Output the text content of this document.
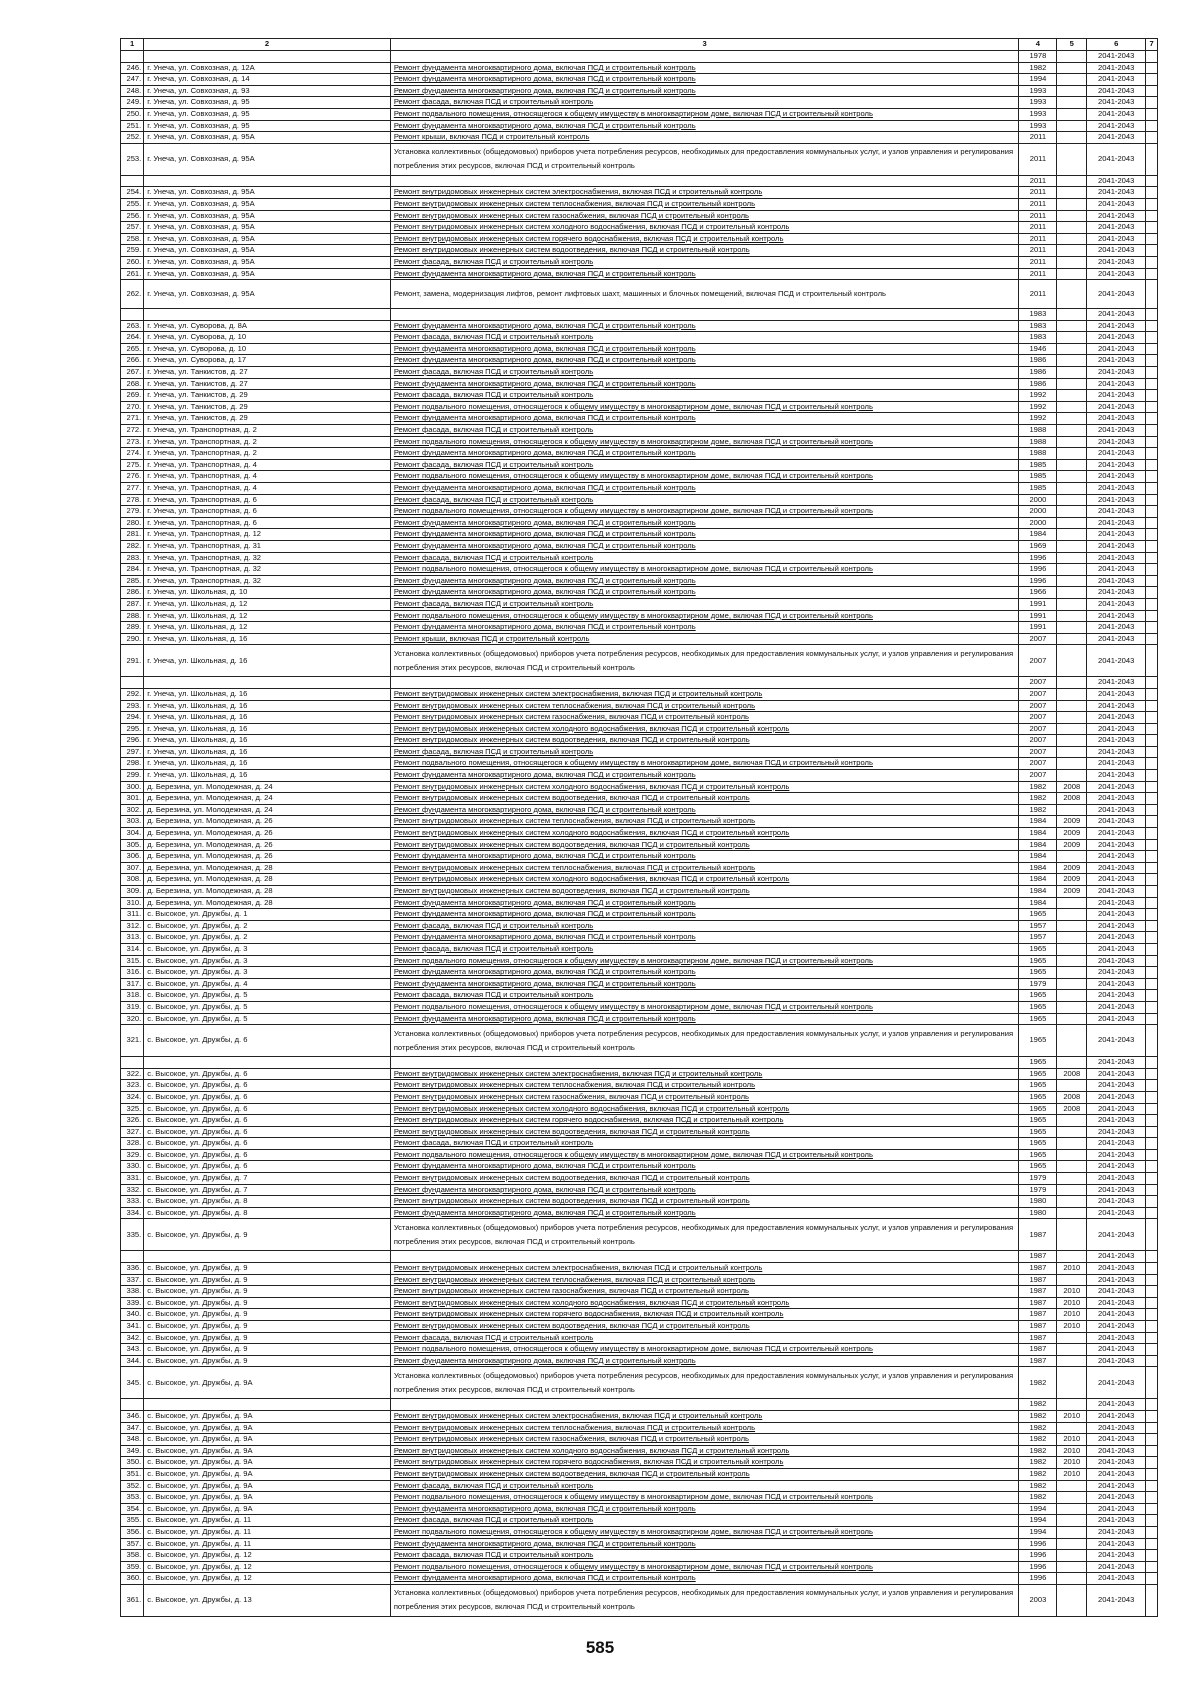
1	2	3	4	5	6	7
			1978		2041-2043	
246.	г. Унеча, ул. Совхозная, д. 12А	Ремонт фундамента многоквартирного дома, включая ПСД и строительный контроль	1982		2041-2043	
247.	г. Унеча, ул. Совхозная, д. 14	Ремонт фундамента многоквартирного дома, включая ПСД и строительный контроль	1994		2041-2043	
248.	г. Унеча, ул. Совхозная, д. 93	Ремонт фундамента многоквартирного дома, включая ПСД и строительный контроль	1993		2041-2043	
249.	г. Унеча, ул. Совхозная, д. 95	Ремонт фасада, включая ПСД и строительный контроль	1993		2041-2043	
250.	г. Унеча, ул. Совхозная, д. 95	Ремонт подвального помещения, относящегося к общему имуществу в многоквартирном доме, включая ПСД и строительный контроль	1993		2041-2043	
251.	г. Унеча, ул. Совхозная, д. 95	Ремонт фундамента многоквартирного дома, включая ПСД и строительный контроль	1993		2041-2043	
252.	г. Унеча, ул. Совхозная, д. 95А	Ремонт крыши, включая ПСД и строительный контроль	2011		2041-2043	
253.	г. Унеча, ул. Совхозная, д. 95А	Установка коллективных (общедомовых) приборов учета потребления ресурсов, необходимых для предоставления коммунальных услуг, и узлов управления и регулирования потребления этих ресурсов, включая ПСД и строительный контроль	2011		2041-2043	
			2011		2041-2043	
254.	г. Унеча, ул. Совхозная, д. 95А	Ремонт внутридомовых инженерных систем электроснабжения, включая ПСД и строительный контроль	2011		2041-2043	
255.	г. Унеча, ул. Совхозная, д. 95А	Ремонт внутридомовых инженерных систем теплоснабжения, включая ПСД и строительный контроль	2011		2041-2043	
256.	г. Унеча, ул. Совхозная, д. 95А	Ремонт внутридомовых инженерных систем газоснабжения, включая ПСД и строительный контроль	2011		2041-2043	
257.	г. Унеча, ул. Совхозная, д. 95А	Ремонт внутридомовых инженерных систем холодного водоснабжения, включая ПСД и строительный контроль	2011		2041-2043	
258.	г. Унеча, ул. Совхозная, д. 95А	Ремонт внутридомовых инженерных систем горячего водоснабжения, включая ПСД и строительный контроль	2011		2041-2043	
259.	г. Унеча, ул. Совхозная, д. 95А	Ремонт внутридомовых инженерных систем водоотведения, включая ПСД и строительный контроль	2011		2041-2043	
260.	г. Унеча, ул. Совхозная, д. 95А	Ремонт фасада, включая ПСД и строительный контроль	2011		2041-2043	
261.	г. Унеча, ул. Совхозная, д. 95А	Ремонт фундамента многоквартирного дома, включая ПСД и строительный контроль	2011		2041-2043	
262.	г. Унеча, ул. Совхозная, д. 95А	Ремонт, замена, модернизация лифтов, ремонт лифтовых шахт, машинных и блочных помещений, включая ПСД и строительный контроль	2011		2041-2043	
			1983		2041-2043	
263.	г. Унеча, ул. Суворова, д. 8А	Ремонт фундамента многоквартирного дома, включая ПСД и строительный контроль	1983		2041-2043	
264.	г. Унеча, ул. Суворова, д. 10	Ремонт фасада, включая ПСД и строительный контроль	1983		2041-2043	
265.	г. Унеча, ул. Суворова, д. 10	Ремонт фундамента многоквартирного дома, включая ПСД и строительный контроль	1946		2041-2043	
266.	г. Унеча, ул. Суворова, д. 17	Ремонт фундамента многоквартирного дома, включая ПСД и строительный контроль	1986		2041-2043	
267.	г. Унеча, ул. Танкистов, д. 27	Ремонт фасада, включая ПСД и строительный контроль	1986		2041-2043	
268.	г. Унеча, ул. Танкистов, д. 27	Ремонт фундамента многоквартирного дома, включая ПСД и строительный контроль	1986		2041-2043	
269.	г. Унеча, ул. Танкистов, д. 29	Ремонт фасада, включая ПСД и строительный контроль	1992		2041-2043	
270.	г. Унеча, ул. Танкистов, д. 29	Ремонт подвального помещения, относящегося к общему имуществу в многоквартирном доме, включая ПСД и строительный контроль	1992		2041-2043	
271.	г. Унеча, ул. Танкистов, д. 29	Ремонт фундамента многоквартирного дома, включая ПСД и строительный контроль	1992		2041-2043	
272.	г. Унеча, ул. Транспортная, д. 2	Ремонт фасада, включая ПСД и строительный контроль	1988		2041-2043	
273.	г. Унеча, ул. Транспортная, д. 2	Ремонт подвального помещения, относящегося к общему имуществу в многоквартирном доме, включая ПСД и строительный контроль	1988		2041-2043	
274.	г. Унеча, ул. Транспортная, д. 2	Ремонт фундамента многоквартирного дома, включая ПСД и строительный контроль	1988		2041-2043	
275.	г. Унеча, ул. Транспортная, д. 4	Ремонт фасада, включая ПСД и строительный контроль	1985		2041-2043	
276.	г. Унеча, ул. Транспортная, д. 4	Ремонт подвального помещения, относящегося к общему имуществу в многоквартирном доме, включая ПСД и строительный контроль	1985		2041-2043	
277.	г. Унеча, ул. Транспортная, д. 4	Ремонт фундамента многоквартирного дома, включая ПСД и строительный контроль	1985		2041-2043	
278.	г. Унеча, ул. Транспортная, д. 6	Ремонт фасада, включая ПСД и строительный контроль	2000		2041-2043	
279.	г. Унеча, ул. Транспортная, д. 6	Ремонт подвального помещения, относящегося к общему имуществу в многоквартирном доме, включая ПСД и строительный контроль	2000		2041-2043	
280.	г. Унеча, ул. Транспортная, д. 6	Ремонт фундамента многоквартирного дома, включая ПСД и строительный контроль	2000		2041-2043	
281.	г. Унеча, ул. Транспортная, д. 12	Ремонт фундамента многоквартирного дома, включая ПСД и строительный контроль	1984		2041-2043	
282.	г. Унеча, ул. Транспортная, д. 31	Ремонт фундамента многоквартирного дома, включая ПСД и строительный контроль	1969		2041-2043	
283.	г. Унеча, ул. Транспортная, д. 32	Ремонт фасада, включая ПСД и строительный контроль	1996		2041-2043	
284.	г. Унеча, ул. Транспортная, д. 32	Ремонт подвального помещения, относящегося к общему имуществу в многоквартирном доме, включая ПСД и строительный контроль	1996		2041-2043	
285.	г. Унеча, ул. Транспортная, д. 32	Ремонт фундамента многоквартирного дома, включая ПСД и строительный контроль	1996		2041-2043	
286.	г. Унеча, ул. Школьная, д. 10	Ремонт фундамента многоквартирного дома, включая ПСД и строительный контроль	1966		2041-2043	
287.	г. Унеча, ул. Школьная, д. 12	Ремонт фасада, включая ПСД и строительный контроль	1991		2041-2043	
288.	г. Унеча, ул. Школьная, д. 12	Ремонт подвального помещения, относящегося к общему имуществу в многоквартирном доме, включая ПСД и строительный контроль	1991		2041-2043	
289.	г. Унеча, ул. Школьная, д. 12	Ремонт фундамента многоквартирного дома, включая ПСД и строительный контроль	1991		2041-2043	
290.	г. Унеча, ул. Школьная, д. 16	Ремонт крыши, включая ПСД и строительный контроль	2007		2041-2043	
291.	г. Унеча, ул. Школьная, д. 16	Установка коллективных (общедомовых) приборов учета потребления ресурсов, необходимых для предоставления коммунальных услуг, и узлов управления и регулирования потребления этих ресурсов, включая ПСД и строительный контроль	2007		2041-2043	
			2007		2041-2043	
292.	г. Унеча, ул. Школьная, д. 16	Ремонт внутридомовых инженерных систем электроснабжения, включая ПСД и строительный контроль	2007		2041-2043	
293.	г. Унеча, ул. Школьная, д. 16	Ремонт внутридомовых инженерных систем теплоснабжения, включая ПСД и строительный контроль	2007		2041-2043	
294.	г. Унеча, ул. Школьная, д. 16	Ремонт внутридомовых инженерных систем газоснабжения, включая ПСД и строительный контроль	2007		2041-2043	
295.	г. Унеча, ул. Школьная, д. 16	Ремонт внутридомовых инженерных систем холодного водоснабжения, включая ПСД и строительный контроль	2007		2041-2043	
296.	г. Унеча, ул. Школьная, д. 16	Ремонт внутридомовых инженерных систем водоотведения, включая ПСД и строительный контроль	2007		2041-2043	
297.	г. Унеча, ул. Школьная, д. 16	Ремонт фасада, включая ПСД и строительный контроль	2007		2041-2043	
298.	г. Унеча, ул. Школьная, д. 16	Ремонт подвального помещения, относящегося к общему имуществу в многоквартирном доме, включая ПСД и строительный контроль	2007		2041-2043	
299.	г. Унеча, ул. Школьная, д. 16	Ремонт фундамента многоквартирного дома, включая ПСД и строительный контроль	2007		2041-2043	
300.	д. Березина, ул. Молодежная, д. 24	Ремонт внутридомовых инженерных систем холодного водоснабжения, включая ПСД и строительный контроль	1982	2008	2041-2043	
301.	д. Березина, ул. Молодежная, д. 24	Ремонт внутридомовых инженерных систем водоотведения, включая ПСД и строительный контроль	1982	2008	2041-2043	
302.	д. Березина, ул. Молодежная, д. 24	Ремонт фундамента многоквартирного дома, включая ПСД и строительный контроль	1982		2041-2043	
303.	д. Березина, ул. Молодежная, д. 26	Ремонт внутридомовых инженерных систем теплоснабжения, включая ПСД и строительный контроль	1984	2009	2041-2043	
304.	д. Березина, ул. Молодежная, д. 26	Ремонт внутридомовых инженерных систем холодного водоснабжения, включая ПСД и строительный контроль	1984	2009	2041-2043	
305.	д. Березина, ул. Молодежная, д. 26	Ремонт внутридомовых инженерных систем водоотведения, включая ПСД и строительный контроль	1984	2009	2041-2043	
306.	д. Березина, ул. Молодежная, д. 26	Ремонт фундамента многоквартирного дома, включая ПСД и строительный контроль	1984		2041-2043	
307.	д. Березина, ул. Молодежная, д. 28	Ремонт внутридомовых инженерных систем теплоснабжения, включая ПСД и строительный контроль	1984	2009	2041-2043	
308.	д. Березина, ул. Молодежная, д. 28	Ремонт внутридомовых инженерных систем холодного водоснабжения, включая ПСД и строительный контроль	1984	2009	2041-2043	
309.	д. Березина, ул. Молодежная, д. 28	Ремонт внутридомовых инженерных систем водоотведения, включая ПСД и строительный контроль	1984	2009	2041-2043	
310.	д. Березина, ул. Молодежная, д. 28	Ремонт фундамента многоквартирного дома, включая ПСД и строительный контроль	1984		2041-2043	
311.	с. Высокое, ул. Дружбы, д. 1	Ремонт фундамента многоквартирного дома, включая ПСД и строительный контроль	1965		2041-2043	
312.	с. Высокое, ул. Дружбы, д. 2	Ремонт фасада, включая ПСД и строительный контроль	1957		2041-2043	
313.	с. Высокое, ул. Дружбы, д. 2	Ремонт фундамента многоквартирного дома, включая ПСД и строительный контроль	1957		2041-2043	
314.	с. Высокое, ул. Дружбы, д. 3	Ремонт фасада, включая ПСД и строительный контроль	1965		2041-2043	
315.	с. Высокое, ул. Дружбы, д. 3	Ремонт подвального помещения, относящегося к общему имуществу в многоквартирном доме, включая ПСД и строительный контроль	1965		2041-2043	
316.	с. Высокое, ул. Дружбы, д. 3	Ремонт фундамента многоквартирного дома, включая ПСД и строительный контроль	1965		2041-2043	
317.	с. Высокое, ул. Дружбы, д. 4	Ремонт фундамента многоквартирного дома, включая ПСД и строительный контроль	1979		2041-2043	
318.	с. Высокое, ул. Дружбы, д. 5	Ремонт фасада, включая ПСД и строительный контроль	1965		2041-2043	
319.	с. Высокое, ул. Дружбы, д. 5	Ремонт подвального помещения, относящегося к общему имуществу в многоквартирном доме, включая ПСД и строительный контроль	1965		2041-2043	
320.	с. Высокое, ул. Дружбы, д. 5	Ремонт фундамента многоквартирного дома, включая ПСД и строительный контроль	1965		2041-2043	
321.	с. Высокое, ул. Дружбы, д. 6	Установка коллективных (общедомовых) приборов учета потребления ресурсов, необходимых для предоставления коммунальных услуг, и узлов управления и регулирования потребления этих ресурсов, включая ПСД и строительный контроль	1965		2041-2043	
			1965		2041-2043	
322.	с. Высокое, ул. Дружбы, д. 6	Ремонт внутридомовых инженерных систем электроснабжения, включая ПСД и строительный контроль	1965	2008	2041-2043	
323.	с. Высокое, ул. Дружбы, д. 6	Ремонт внутридомовых инженерных систем теплоснабжения, включая ПСД и строительный контроль	1965		2041-2043	
324.	с. Высокое, ул. Дружбы, д. 6	Ремонт внутридомовых инженерных систем газоснабжения, включая ПСД и строительный контроль	1965	2008	2041-2043	
325.	с. Высокое, ул. Дружбы, д. 6	Ремонт внутридомовых инженерных систем холодного водоснабжения, включая ПСД и строительный контроль	1965	2008	2041-2043	
326.	с. Высокое, ул. Дружбы, д. 6	Ремонт внутридомовых инженерных систем горячего водоснабжения, включая ПСД и строительный контроль	1965		2041-2043	
327.	с. Высокое, ул. Дружбы, д. 6	Ремонт внутридомовых инженерных систем водоотведения, включая ПСД и строительный контроль	1965		2041-2043	
328.	с. Высокое, ул. Дружбы, д. 6	Ремонт фасада, включая ПСД и строительный контроль	1965		2041-2043	
329.	с. Высокое, ул. Дружбы, д. 6	Ремонт подвального помещения, относящегося к общему имуществу в многоквартирном доме, включая ПСД и строительный контроль	1965		2041-2043	
330.	с. Высокое, ул. Дружбы, д. 6	Ремонт фундамента многоквартирного дома, включая ПСД и строительный контроль	1965		2041-2043	
331.	с. Высокое, ул. Дружбы, д. 7	Ремонт внутридомовых инженерных систем водоотведения, включая ПСД и строительный контроль	1979		2041-2043	
332.	с. Высокое, ул. Дружбы, д. 7	Ремонт фундамента многоквартирного дома, включая ПСД и строительный контроль	1979		2041-2043	
333.	с. Высокое, ул. Дружбы, д. 8	Ремонт внутридомовых инженерных систем водоотведения, включая ПСД и строительный контроль	1980		2041-2043	
334.	с. Высокое, ул. Дружбы, д. 8	Ремонт фундамента многоквартирного дома, включая ПСД и строительный контроль	1980		2041-2043	
335.	с. Высокое, ул. Дружбы, д. 9	Установка коллективных (общедомовых) приборов учета потребления ресурсов, необходимых для предоставления коммунальных услуг, и узлов управления и регулирования потребления этих ресурсов, включая ПСД и строительный контроль	1987		2041-2043	
			1987		2041-2043	
336.	с. Высокое, ул. Дружбы, д. 9	Ремонт внутридомовых инженерных систем электроснабжения, включая ПСД и строительный контроль	1987	2010	2041-2043	
337.	с. Высокое, ул. Дружбы, д. 9	Ремонт внутридомовых инженерных систем теплоснабжения, включая ПСД и строительный контроль	1987		2041-2043	
338.	с. Высокое, ул. Дружбы, д. 9	Ремонт внутридомовых инженерных систем газоснабжения, включая ПСД и строительный контроль	1987	2010	2041-2043	
339.	с. Высокое, ул. Дружбы, д. 9	Ремонт внутридомовых инженерных систем холодного водоснабжения, включая ПСД и строительный контроль	1987	2010	2041-2043	
340.	с. Высокое, ул. Дружбы, д. 9	Ремонт внутридомовых инженерных систем горячего водоснабжения, включая ПСД и строительный контроль	1987	2010	2041-2043	
341.	с. Высокое, ул. Дружбы, д. 9	Ремонт внутридомовых инженерных систем водоотведения, включая ПСД и строительный контроль	1987	2010	2041-2043	
342.	с. Высокое, ул. Дружбы, д. 9	Ремонт фасада, включая ПСД и строительный контроль	1987		2041-2043	
343.	с. Высокое, ул. Дружбы, д. 9	Ремонт подвального помещения, относящегося к общему имуществу в многоквартирном доме, включая ПСД и строительный контроль	1987		2041-2043	
344.	с. Высокое, ул. Дружбы, д. 9	Ремонт фундамента многоквартирного дома, включая ПСД и строительный контроль	1987		2041-2043	
345.	с. Высокое, ул. Дружбы, д. 9А	Установка коллективных (общедомовых) приборов учета потребления ресурсов, необходимых для предоставления коммунальных услуг, и узлов управления и регулирования потребления этих ресурсов, включая ПСД и строительный контроль	1982		2041-2043	
			1982		2041-2043	
346.	с. Высокое, ул. Дружбы, д. 9А	Ремонт внутридомовых инженерных систем электроснабжения, включая ПСД и строительный контроль	1982	2010	2041-2043	
347.	с. Высокое, ул. Дружбы, д. 9А	Ремонт внутридомовых инженерных систем теплоснабжения, включая ПСД и строительный контроль	1982		2041-2043	
348.	с. Высокое, ул. Дружбы, д. 9А	Ремонт внутридомовых инженерных систем газоснабжения, включая ПСД и строительный контроль	1982	2010	2041-2043	
349.	с. Высокое, ул. Дружбы, д. 9А	Ремонт внутридомовых инженерных систем холодного водоснабжения, включая ПСД и строительный контроль	1982	2010	2041-2043	
350.	с. Высокое, ул. Дружбы, д. 9А	Ремонт внутридомовых инженерных систем горячего водоснабжения, включая ПСД и строительный контроль	1982	2010	2041-2043	
351.	с. Высокое, ул. Дружбы, д. 9А	Ремонт внутридомовых инженерных систем водоотведения, включая ПСД и строительный контроль	1982	2010	2041-2043	
352.	с. Высокое, ул. Дружбы, д. 9А	Ремонт фасада, включая ПСД и строительный контроль	1982		2041-2043	
353.	с. Высокое, ул. Дружбы, д. 9А	Ремонт подвального помещения, относящегося к общему имуществу в многоквартирном доме, включая ПСД и строительный контроль	1982		2041-2043	
354.	с. Высокое, ул. Дружбы, д. 9А	Ремонт фундамента многоквартирного дома, включая ПСД и строительный контроль	1994		2041-2043	
355.	с. Высокое, ул. Дружбы, д. 11	Ремонт фасада, включая ПСД и строительный контроль	1994		2041-2043	
356.	с. Высокое, ул. Дружбы, д. 11	Ремонт подвального помещения, относящегося к общему имуществу в многоквартирном доме, включая ПСД и строительный контроль	1994		2041-2043	
357.	с. Высокое, ул. Дружбы, д. 11	Ремонт фундамента многоквартирного дома, включая ПСД и строительный контроль	1996		2041-2043	
358.	с. Высокое, ул. Дружбы, д. 12	Ремонт фасада, включая ПСД и строительный контроль	1996		2041-2043	
359.	с. Высокое, ул. Дружбы, д. 12	Ремонт подвального помещения, относящегося к общему имуществу в многоквартирном доме, включая ПСД и строительный контроль	1996		2041-2043	
360.	с. Высокое, ул. Дружбы, д. 12	Ремонт фундамента многоквартирного дома, включая ПСД и строительный контроль	1996		2041-2043	
361.	с. Высокое, ул. Дружбы, д. 13	Установка коллективных (общедомовых) приборов учета потребления ресурсов, необходимых для предоставления коммунальных услуг, и узлов управления и регулирования потребления этих ресурсов, включая ПСД и строительный контроль	2003		2041-2043	
585
